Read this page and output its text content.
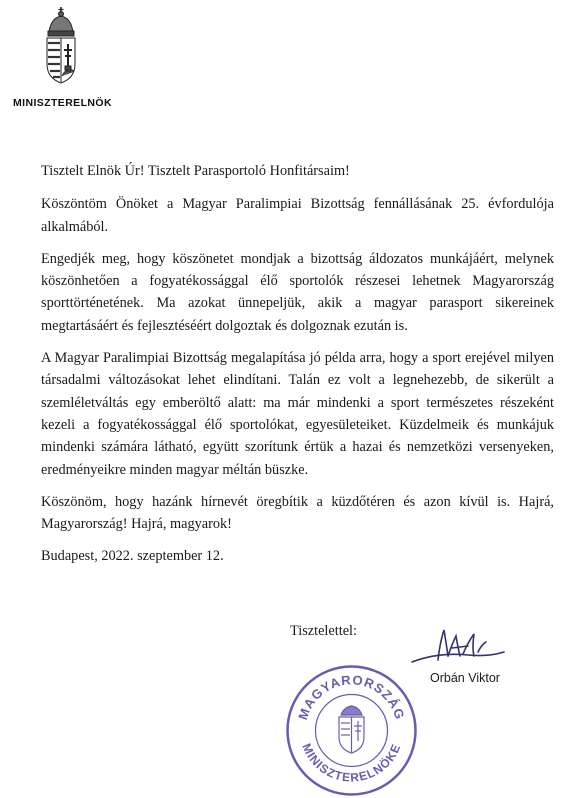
MINISZTERELNÖK

Tisztelt Elnök Úr! Tisztelt Parasportoló Honfitársaim!

Köszöntöm Önöket a Magyar Paralimpiai Bizottság fennállásának 25. évfordulója alkalmából.

Engedjék meg, hogy köszönetet mondjak a bizottság áldozatos munkájáért, melynek köszönhetően a fogyatékossággal élő sportolók részesei lehetnek Magyarország sporttörténetének. Ma azokat ünnepeljük, akik a magyar parasport sikereinek megtartásáért és fejlesztéséért dolgoztak és dolgoznak ezután is.

A Magyar Paralimpiai Bizottság megalapítása jó példa arra, hogy a sport erejével milyen társadalmi változásokat lehet elindítani. Talán ez volt a legnehezebb, de sikerült a szemléletváltás egy emberöltő alatt: ma már mindenki a sport természetes részeként kezeli a fogyatékossággal élő sportolókat, egyesületeiket. Küzdelmeik és munkájuk mindenki számára látható, együtt szorítunk értük a hazai és nemzetközi versenyeken, eredményeikre minden magyar méltán büszke.

Köszönöm, hogy hazánk hírnevét öregbítik a küzdőtéren és azon kívül is. Hajrá, Magyarország! Hajrá, magyarok!

Budapest, 2022. szeptember 12.

Tisztelettel:
Orbán Viktor
MAGYARORSZÁG
MINISZTERELNÖKE
